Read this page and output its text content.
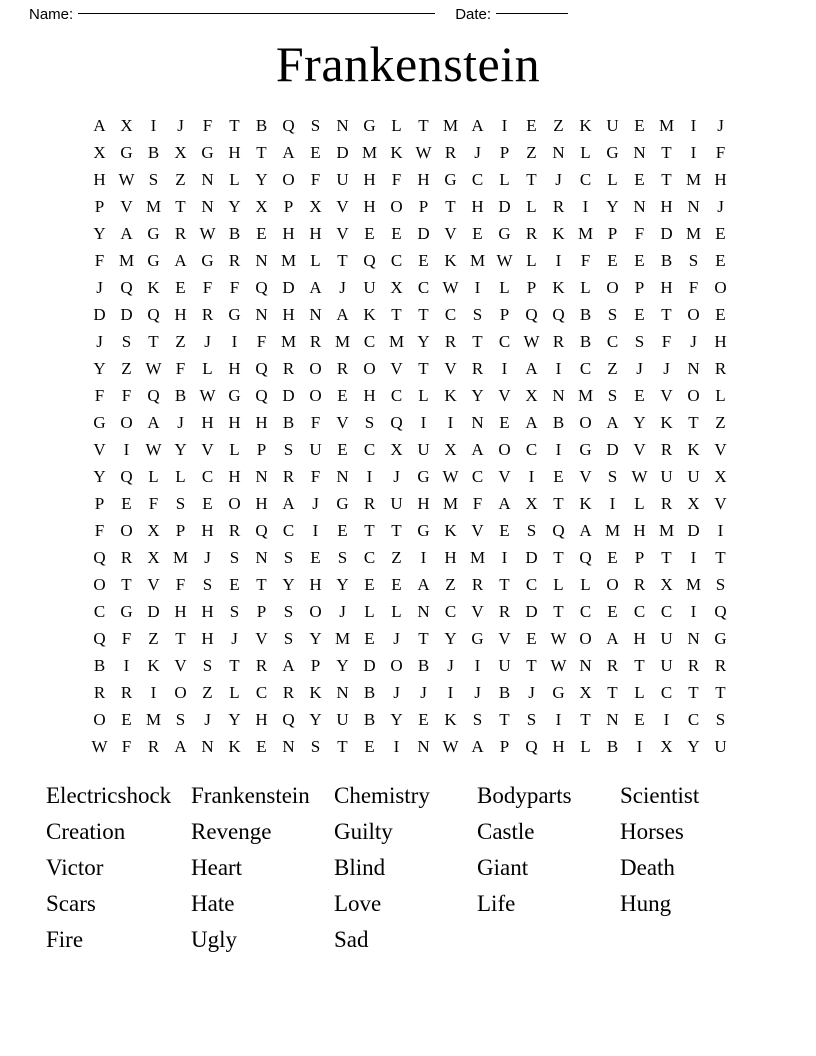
Name:	Date:
Frankenstein
A X	I	J	F	T B Q S N G L T M A	I	E Z K U E M I	J
X G B X G H T A E D M K W R	J	P	Z N L G N T	I	F
H W S	Z N L Y O F U H F H G C L T	J	C L E T M H
P V M T N Y X P X V H O P	T H D L R	I	Y N H N	J
Y A G R W B E H H V E E D V E G R K M P	F D M E
F M G A G R N M L T Q C E K M W L	I	F	E E B S	E
J	Q K E	F	F Q D A	J	U X C W I	L	P K L O P H F O
D D Q H R G N H N A K T T C S	P Q Q B S	E T O E
J	S	T Z	J	I	F M R M C M Y R T C W R B C S	F	J	H
Y Z W F	L H Q R O R O V T V R	I	A	I	C Z	J	J	N R
F	F Q B W G Q D O E H C L K Y V X N M S	E V O L
G O A	J	H H H B F V S Q	I	I	N E A B O A Y K T Z
V	I W Y V L	P	S U E C X U X A O C	I	G D V R K V
Y Q L L C H N R F N	I	J	G W C V	I	E V S W U U X
P	E	F	S	E O H A	J	G R U H M F A X T K	I	L R X V
F O X P H R Q C	I	E T T G K V E	S Q A M H M D	I
Q R X M J	S N S	E	S C Z	I	H M I	D T Q E	P	T	I	T
O T V F	S	E T Y H Y E E A Z R T C L L O R X M S
C G D H H S	P	S O	J	L L N C V R D T C E C C	I	Q
Q F	Z T H	J	V S Y M E	J	T Y G V E W O A H U N G
B	I	K V S	T R A P Y D O B	J	I	U T W N R T U R R
R R	I	O Z L C R K N B	J	J	I	J	B	J	G X T L C T T
O E M S	J	Y H Q Y U B Y E K S	T	S	I	T N E	I	C S
W F R A N K E N S	T E	I	N W A P Q H L B	I	X Y U
Electricshock Frankenstein	Chemistry	Bodyparts	Scientist
Creation	Revenge	Guilty	Castle	Horses
Victor	Heart	Blind	Giant	Death
Scars	Hate	Love	Life	Hung
Fire	Ugly	Sad
